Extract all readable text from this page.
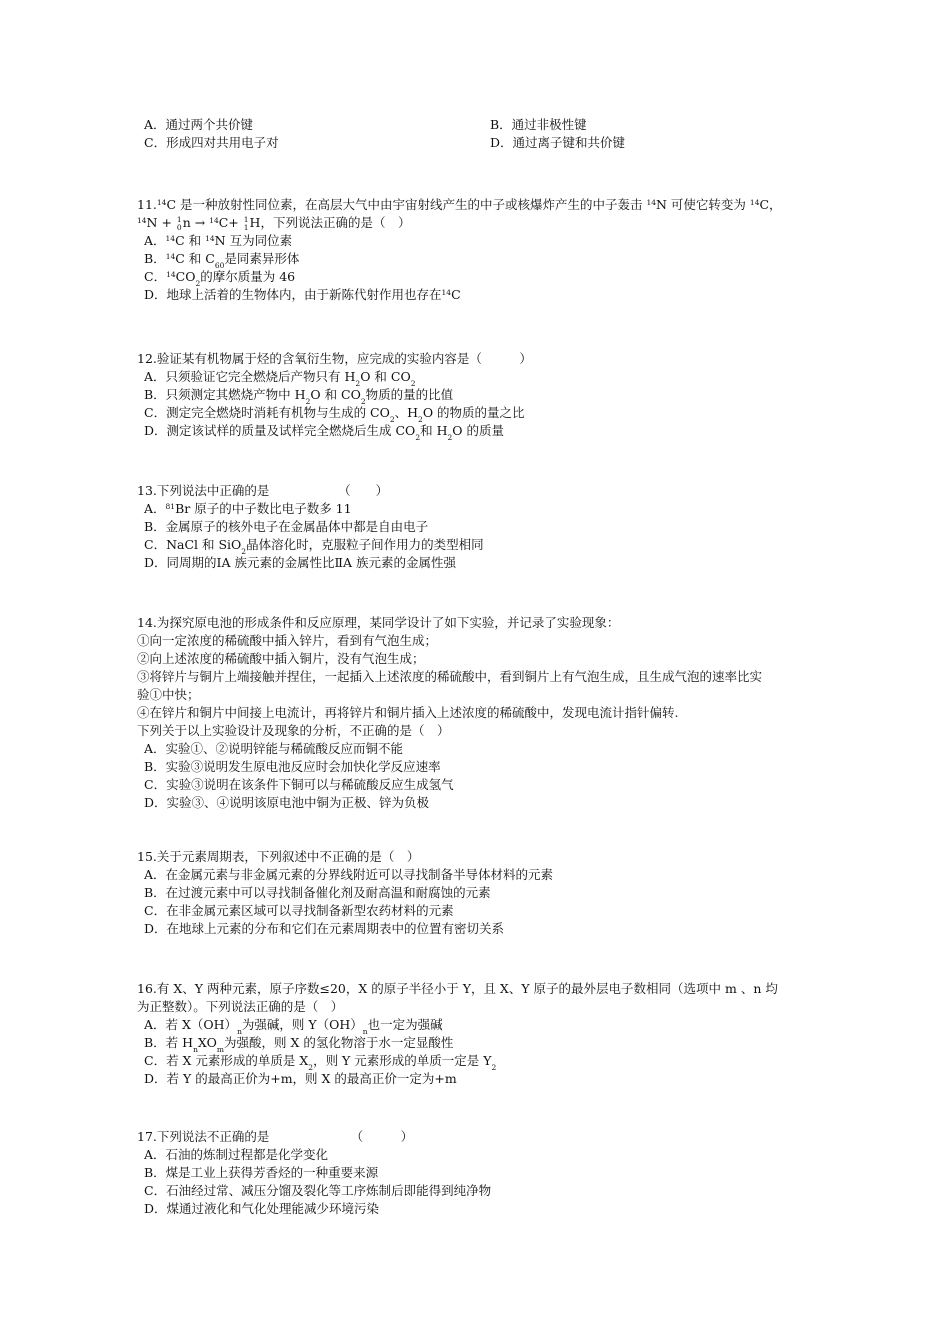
A．通过两个共价键	B．通过非极性键
C．形成四对共用电子对	D．通过离子键和共价键
11.14C 是一种放射性同位素，在高层大气中由宇宙射线产生的中子或核爆炸产生的中子轰击 $^{14}$N 可使它转变为 $^{14}$C，
$^{14}$N + 1
0n → $^{14}$C+ 1
1H，下列说法正确的是（　）
A．$^{14}$C 和 $^{14}$N 互为同位素
B．$^{14}$C 和 $C_{60}$是同素异形体
C．$^{14}CO_2$的摩尔质量为 46
D．地球上活着的生物体内，由于新陈代射作用也存在$^{14}$C
12.验证某有机物属于烃的含氧衍生物，应完成的实验内容是（　　　）
A．只须验证它完全燃烧后产物只有 $H_2O$ 和 $CO_2$
B．只须测定其燃烧产物中 $H_2O$ 和 $CO_2$物质的量的比值
C．测定完全燃烧时消耗有机物与生成的 $CO_2$、$H_2O$ 的物质的量之比
D．测定该试样的质量及试样完全燃烧后生成 $CO_2$和 $H_2O$ 的质量
13.下列说法中正确的是　　　　　　（　　）
A．$^{81}$Br 原子的中子数比电子数多 11
B．金属原子的核外电子在金属晶体中都是自由电子
C．NaCl 和 SiO$_2$晶体溶化时，克服粒子间作用力的类型相同
D．同周期的ⅠA 族元素的金属性比ⅡA 族元素的金属性强
14.为探究原电池的形成条件和反应原理，某同学设计了如下实验，并记录了实验现象：
①向一定浓度的稀硫酸中插入锌片，看到有气泡生成；
②向上述浓度的稀硫酸中插入铜片，没有气泡生成；
③将锌片与铜片上端接触并捏住，一起插入上述浓度的稀硫酸中，看到铜片上有气泡生成，且生成气泡的速率比实
验①中快；
④在锌片和铜片中间接上电流计，再将锌片和铜片插入上述浓度的稀硫酸中，发现电流计指针偏转.
下列关于以上实验设计及现象的分析，不正确的是（　）
A．实验①、②说明锌能与稀硫酸反应而铜不能
B．实验③说明发生原电池反应时会加快化学反应速率
C．实验③说明在该条件下铜可以与稀硫酸反应生成氢气
D．实验③、④说明该原电池中铜为正极、锌为负极
15.关于元素周期表，下列叙述中不正确的是（　）
A．在金属元素与非金属元素的分界线附近可以寻找制备半导体材料的元素
B．在过渡元素中可以寻找制备催化剂及耐高温和耐腐蚀的元素
C．在非金属元素区域可以寻找制备新型农药材料的元素
D．在地球上元素的分布和它们在元素周期表中的位置有密切关系
16.有 X、Y 两种元素，原子序数≤20，X 的原子半径小于 Y，且 X、Y 原子的最外层电子数相同（选项中 m 、n 均
为正整数）。下列说法正确的是（　）
A．若 $X(OH)_n$为强碱，则 $Y(OH)_n$也一定为强碱
B．若 $H_nXO_m$为强酸，则 X 的氢化物溶于水一定显酸性
C．若 X 元素形成的单质是 $X_2$，则 Y 元素形成的单质一定是 $Y_2$
D．若 Y 的最高正价为+m，则 X 的最高正价一定为+m
17.下列说法不正确的是　　　　　　　（　　　）
A．石油的炼制过程都是化学变化
B．煤是工业上获得芳香烃的一种重要来源
C．石油经过常、减压分馏及裂化等工序炼制后即能得到纯净物
D．煤通过液化和气化处理能减少环境污染
